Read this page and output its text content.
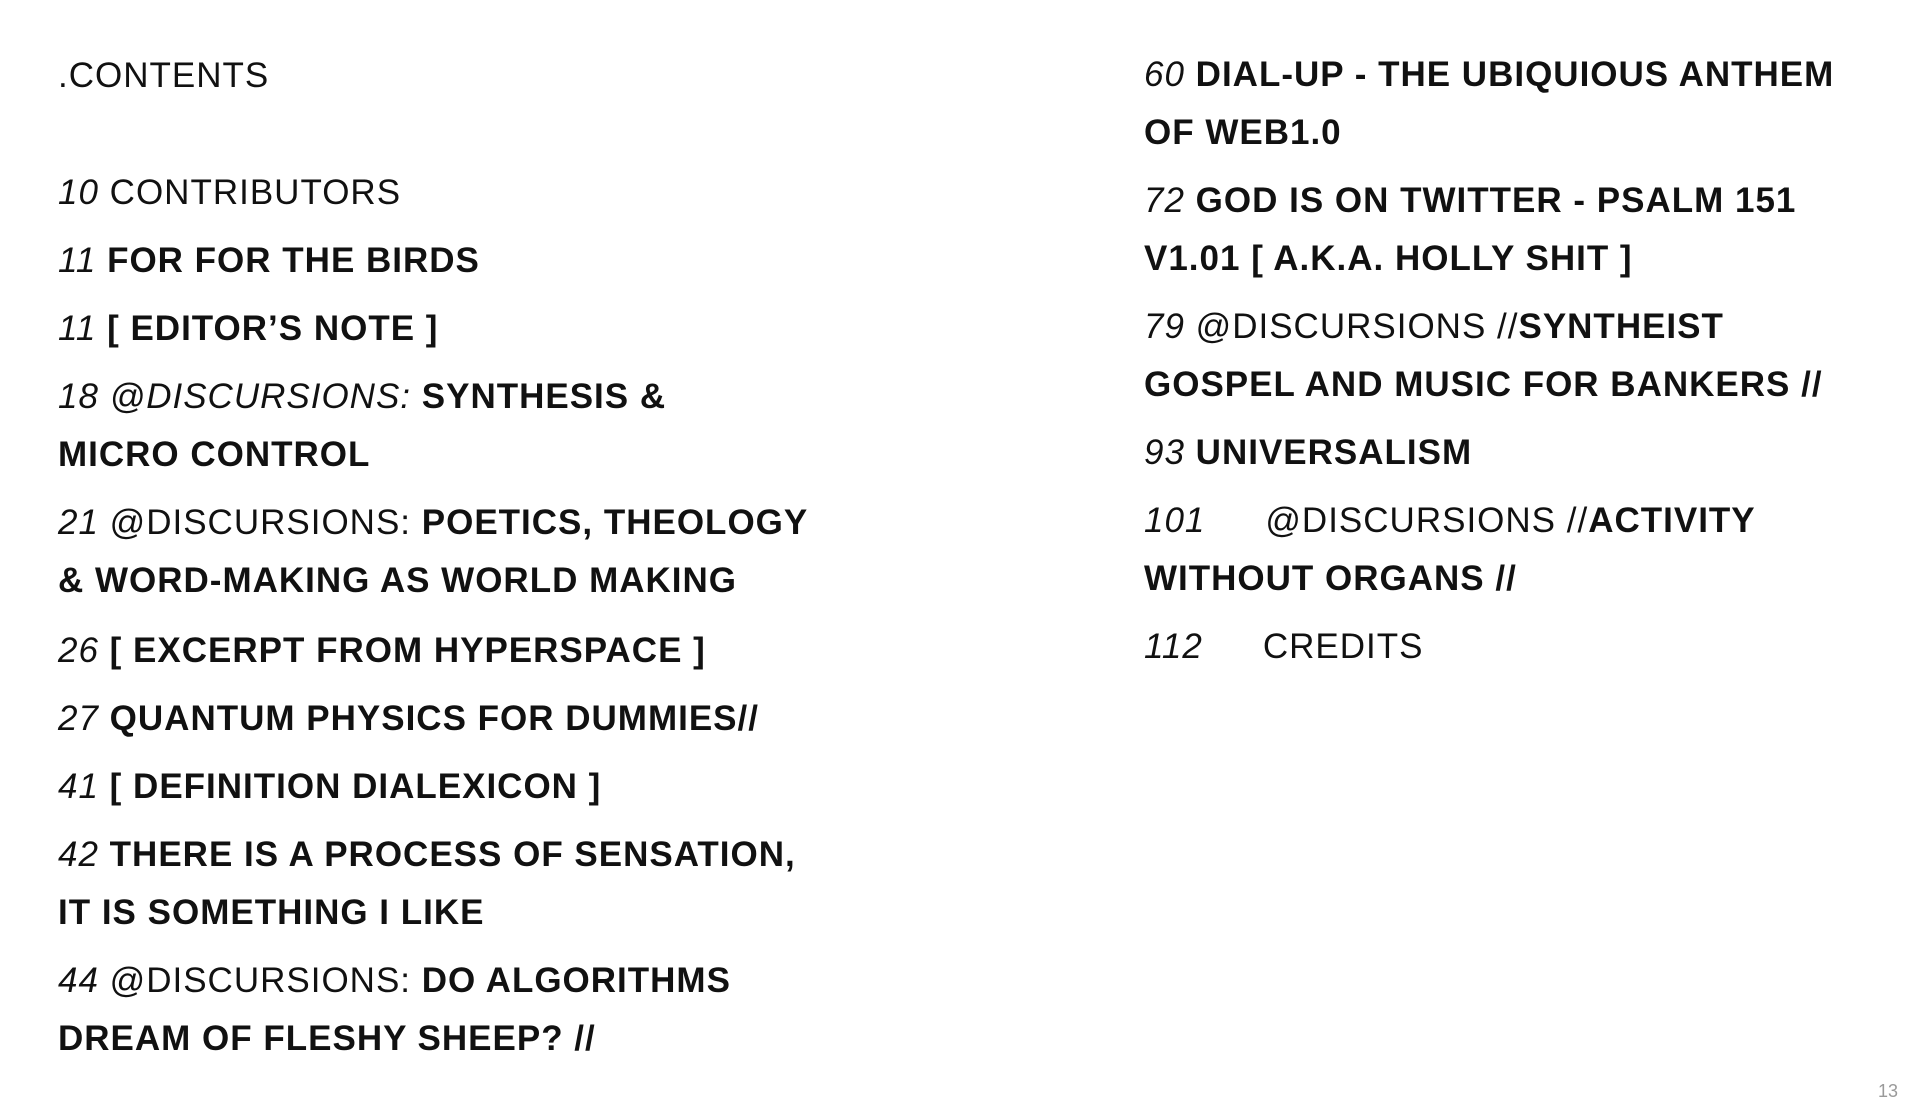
.CONTENTS

10 CONTRIBUTORS

11 FOR FOR THE BIRDS

11 [ EDITOR’S NOTE ]

18 @DISCURSIONS: SYNTHESIS & MICRO CONTROL

21 @DISCURSIONS: POETICS, THEOLOGY & WORD-MAKING AS WORLD MAKING

26 [ EXCERPT FROM HYPERSPACE ]

27 QUANTUM PHYSICS FOR DUMMIES//

41 [ DEFINITION DIALEXICON ]

42 THERE IS A PROCESS OF SENSATION, IT IS SOMETHING I LIKE

44 @DISCURSIONS: DO ALGORITHMS DREAM OF FLESHY SHEEP? //

60 DIAL-UP - THE UBIQUIOUS ANTHEM OF WEB1.0

72 GOD IS ON TWITTER - PSALM 151 V1.01 [ A.K.A. HOLLY SHIT ]

79 @DISCURSIONS //SYNTHEIST GOSPEL AND MUSIC FOR BANKERS //

93 UNIVERSALISM

101 @DISCURSIONS //ACTIVITY WITHOUT ORGANS //

112 CREDITS

13
